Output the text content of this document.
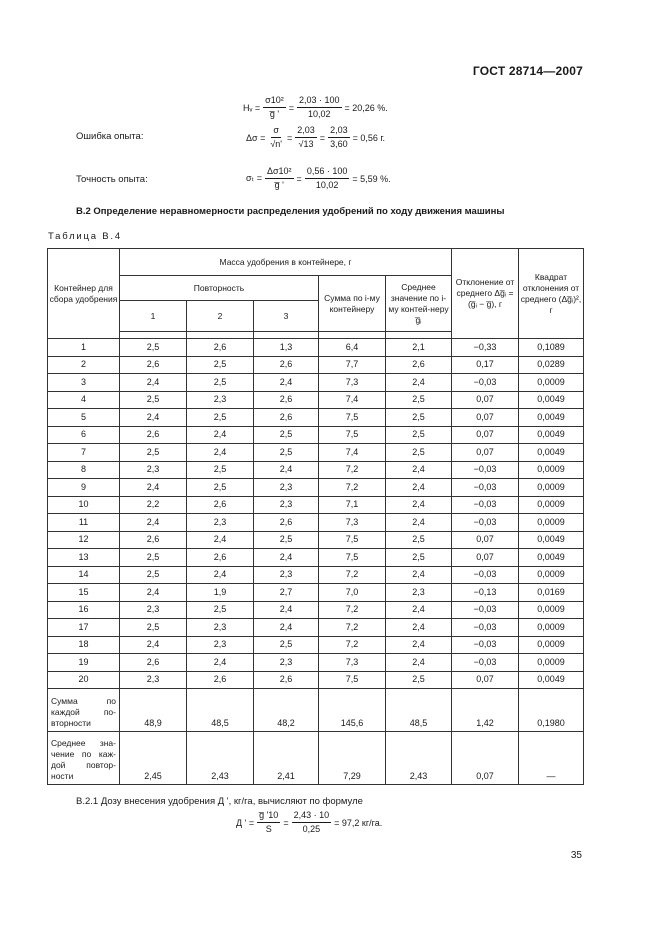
ГОСТ 28714—2007
Hᵥ = $\frac{\text{σ10²}}{g̅ '} = \frac{2,03 \cdot 100}{10,02} = 20,26$ %.
Ошибка опыта:	$\Delta\sigma = \frac{\sigma}{√n'} = \frac{2,03}{√13} = \frac{2,03}{3,60} = 0,56$ г.
Точность опыта:	$\sigma_t = \frac{\text{Δσ10²}}{g̅ '} = \frac{0,56 \cdot 100}{10,02} = 5,59$ %.
В.2 Определение неравномерности распределения удобрений по ходу движения машины
Таблица В.4
Контейнер для сбора удобрения	Масса удобрения в контейнере, г					Отклонение от среднего Δg̅ᵢ = (g̅ᵢ − g̅), г	Квадрат отклонения от среднего (Δg̅ᵢ)², г
	Повторность			Сумма по i-му контейнеру	Среднее значение по i-му контей-неру g̅ᵢ		
	1	2	3				

1	2,5	2,6	1,3	6,4	2,1	−0,33	0,1089
2	2,6	2,5	2,6	7,7	2,6	0,17	0,0289
3	2,4	2,5	2,4	7,3	2,4	−0,03	0,0009
4	2,5	2,3	2,6	7,4	2,5	0,07	0,0049
5	2,4	2,5	2,6	7,5	2,5	0,07	0,0049
6	2,6	2,4	2,5	7,5	2,5	0,07	0,0049
7	2,5	2,4	2,5	7,4	2,5	0,07	0,0049
8	2,3	2,5	2,4	7,2	2,4	−0,03	0,0009
9	2,4	2,5	2,3	7,2	2,4	−0,03	0,0009
10	2,2	2,6	2,3	7,1	2,4	−0,03	0,0009
11	2,4	2,3	2,6	7,3	2,4	−0,03	0,0009
12	2,6	2,4	2,5	7,5	2,5	0,07	0,0049
13	2,5	2,6	2,4	7,5	2,5	0,07	0,0049
14	2,5	2,4	2,3	7,2	2,4	−0,03	0,0009
15	2,4	1,9	2,7	7,0	2,3	−0,13	0,0169
16	2,3	2,5	2,4	7,2	2,4	−0,03	0,0009
17	2,5	2,3	2,4	7,2	2,4	−0,03	0,0009
18	2,4	2,3	2,5	7,2	2,4	−0,03	0,0009
19	2,6	2,4	2,3	7,3	2,4	−0,03	0,0009
20	2,3	2,6	2,6	7,5	2,5	0,07	0,0049
Сумма по каждой по-вторности	48,9	48,5	48,2	145,6	48,5	1,42	0,1980
Среднее зна-чение по каж-дой повтор-ности	2,45	2,43	2,41	7,29	2,43	0,07	—
В.2.1 Дозу внесения удобрения Д ', кг/га, вычисляют по формуле
Д ' = $\frac{g̅ '10}{S} = \frac{2,43 \cdot 10}{0,25} = 97,2$ кг/га.
35
